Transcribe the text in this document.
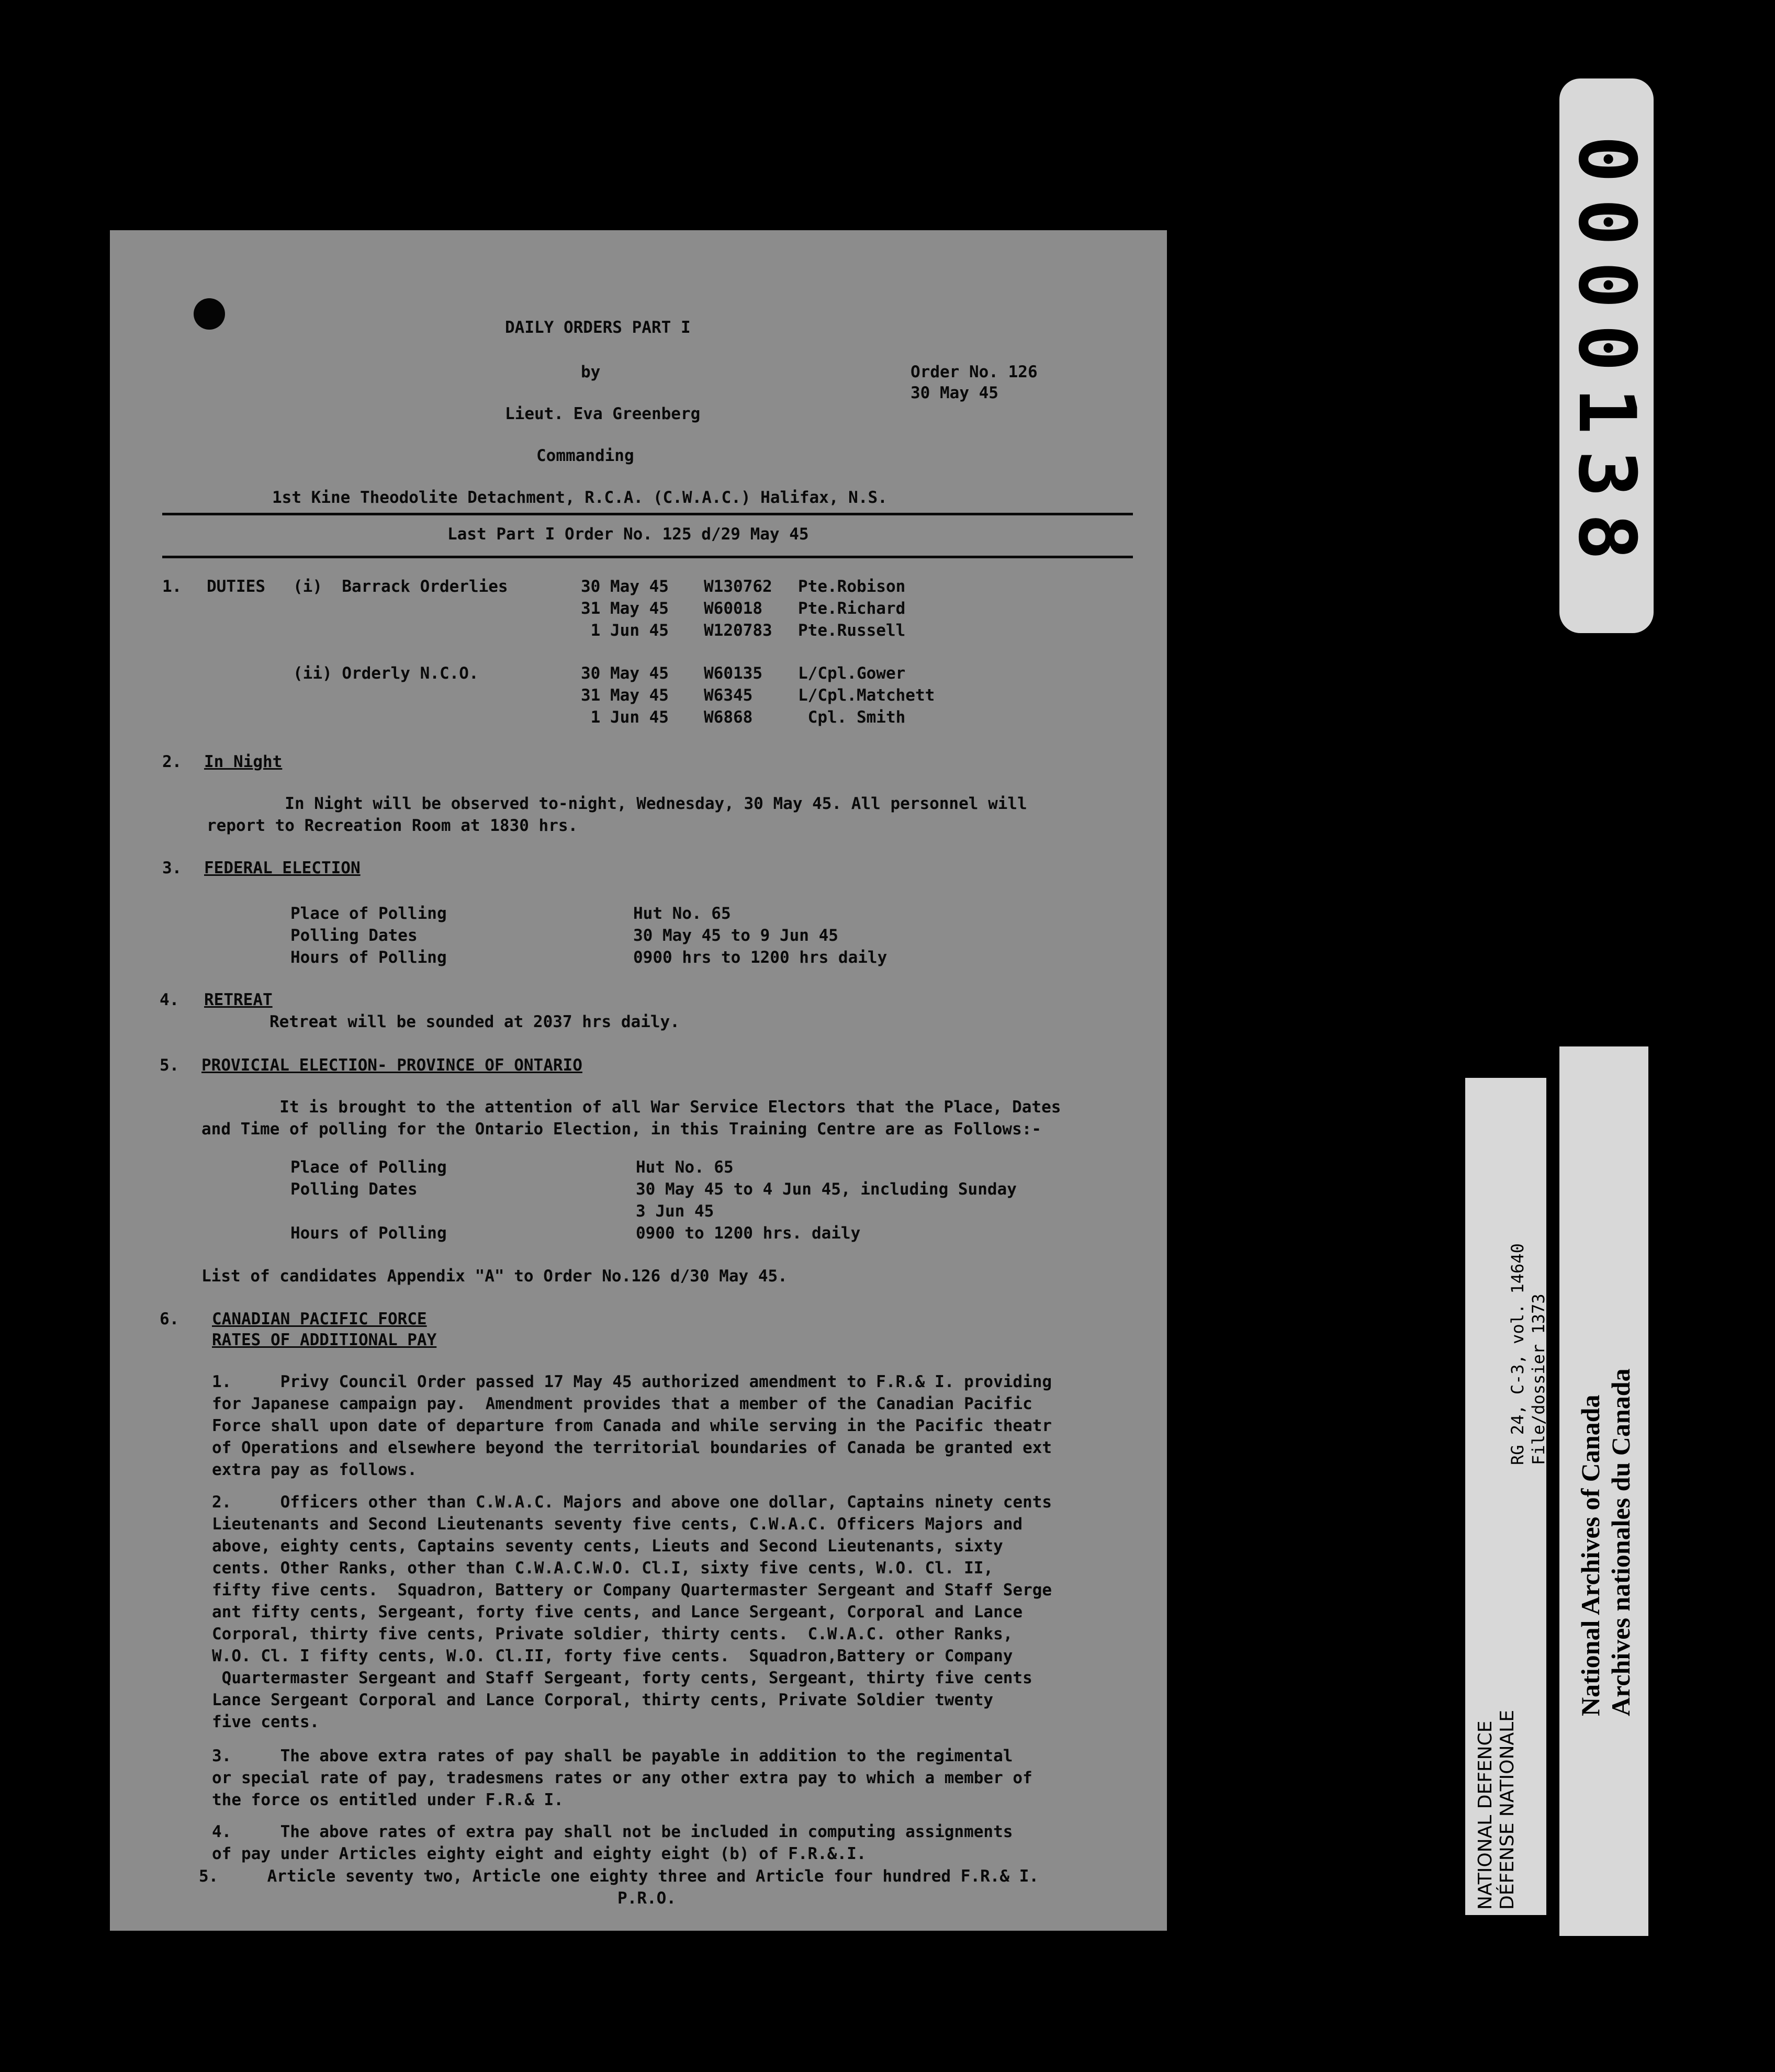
DAILY ORDERS PART I
by	Order No. 126
30 May 45
Lieut. Eva Greenberg
Commanding
1st Kine Theodolite Detachment, R.C.A. (C.W.A.C.) Halifax, N.S.
Last Part I Order No. 125 d/29 May 45
1. DUTIES (i)  Barrack Orderlies	30 May 45 W130762 Pte.Robison
31 May 45 W60018 Pte.Richard
1 Jun 45 W120783 Pte.Russell
(ii) Orderly N.C.O.	30 May 45 W60135 L/Cpl.Gower
31 May 45 W6345	L/Cpl.Matchett
1 Jun 45 W6868	Cpl. Smith
2. In Night
In Night will be observed to-night, Wednesday, 30 May 45. All personnel will
report to Recreation Room at 1830 hrs.
3. FEDERAL ELECTION
Place of Polling	Hut No. 65
Polling Dates	30 May 45 to 9 Jun 45
Hours of Polling	0900 hrs to 1200 hrs daily
4. RETREAT
Retreat will be sounded at 2037 hrs daily.
5. PROVICIAL ELECTION- PROVINCE OF ONTARIO
It is brought to the attention of all War Service Electors that the Place, Dates
and Time of polling for the Ontario Election, in this Training Centre are as Follows:-
Place of Polling	Hut No. 65
Polling Dates	30 May 45 to 4 Jun 45, including Sunday
3 Jun 45
Hours of Polling	0900 to 1200 hrs. daily
List of candidates Appendix "A" to Order No.126 d/30 May 45.
6. CANADIAN PACIFIC FORCE
RATES OF ADDITIONAL PAY
1.     Privy Council Order passed 17 May 45 authorized amendment to F.R.& I. providing
for Japanese campaign pay.  Amendment provides that a member of the Canadian Pacific
Force shall upon date of departure from Canada and while serving in the Pacific theatr
of Operations and elsewhere beyond the territorial boundaries of Canada be granted ext
extra pay as follows.
2.     Officers other than C.W.A.C. Majors and above one dollar, Captains ninety cents
Lieutenants and Second Lieutenants seventy five cents, C.W.A.C. Officers Majors and
above, eighty cents, Captains seventy cents, Lieuts and Second Lieutenants, sixty
cents. Other Ranks, other than C.W.A.C.W.O. Cl.I, sixty five cents, W.O. Cl. II,
fifty five cents.  Squadron, Battery or Company Quartermaster Sergeant and Staff Serge
ant fifty cents, Sergeant, forty five cents, and Lance Sergeant, Corporal and Lance
Corporal, thirty five cents, Private soldier, thirty cents.  C.W.A.C. other Ranks,
W.O. Cl. I fifty cents, W.O. Cl.II, forty five cents.  Squadron,Battery or Company
Quartermaster Sergeant and Staff Sergeant, forty cents, Sergeant, thirty five cents
Lance Sergeant Corporal and Lance Corporal, thirty cents, Private Soldier twenty
five cents.
3.     The above extra rates of pay shall be payable in addition to the regimental
or special rate of pay, tradesmens rates or any other extra pay to which a member of
the force os entitled under F.R.& I.
4.     The above rates of extra pay shall not be included in computing assignments
of pay under Articles eighty eight and eighty eight (b) of F.R.&.I.
5.     Article seventy two, Article one eighty three and Article four hundred F.R.& I.
P.R.O.
0000138
NATIONAL DEFENCE DÉFENSE NATIONALE
RG 24, C-3, vol. 14640 File/dossier 1373
National Archives of Canada Archives nationales du Canada
